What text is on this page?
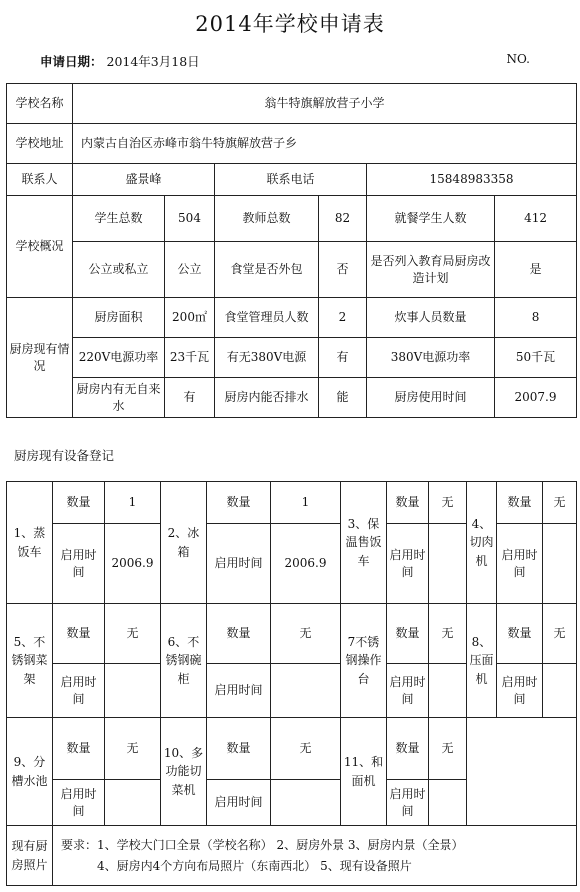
2014年学校申请表
申请日期： 2014年3月18日	NO.
学校名称	翁牛特旗解放营子小学					
学校地址	内蒙古自治区赤峰市翁牛特旗解放营子乡					
联系人	盛景峰		联系电话		15848983358	
学校概况	学生总数	504	教师总数	82	就餐学生人数	412
	公立或私立	公立	食堂是否外包	否	是否列入教育局厨房改造计划	是
厨房现有情况	厨房面积	200㎡	食堂管理员人数	2	炊事人员数量	8
	220V电源功率	23千瓦	有无380V电源	有	380V电源功率	50千瓦
	厨房内有无自来水	有	厨房内能否排水	能	厨房使用时间	2007.9
厨房现有设备登记
1、蒸饭车	数量	1	2、冰箱	数量	1	3、保温售饭车	数量	无	4、切肉机	数量	无
	启用时间	2006.9		启用时间	2006.9		启用时间			启用时间	
5、不锈钢菜架	数量	无	6、不锈钢碗柜	数量	无	7不锈钢操作台	数量	无	8、压面机	数量	无
	启用时间			启用时间			启用时间			启用时间	
9、分槽水池	数量	无	10、多功能切菜机	数量	无	11、和面机	数量	无			
	启用时间			启用时间			启用时间				
现有厨房照片	要求：1、学校大门口全景（学校名称） 2、厨房外景 3、厨房内景（全景）
4、厨房内4个方向布局照片（东南西北） 5、现有设备照片										
